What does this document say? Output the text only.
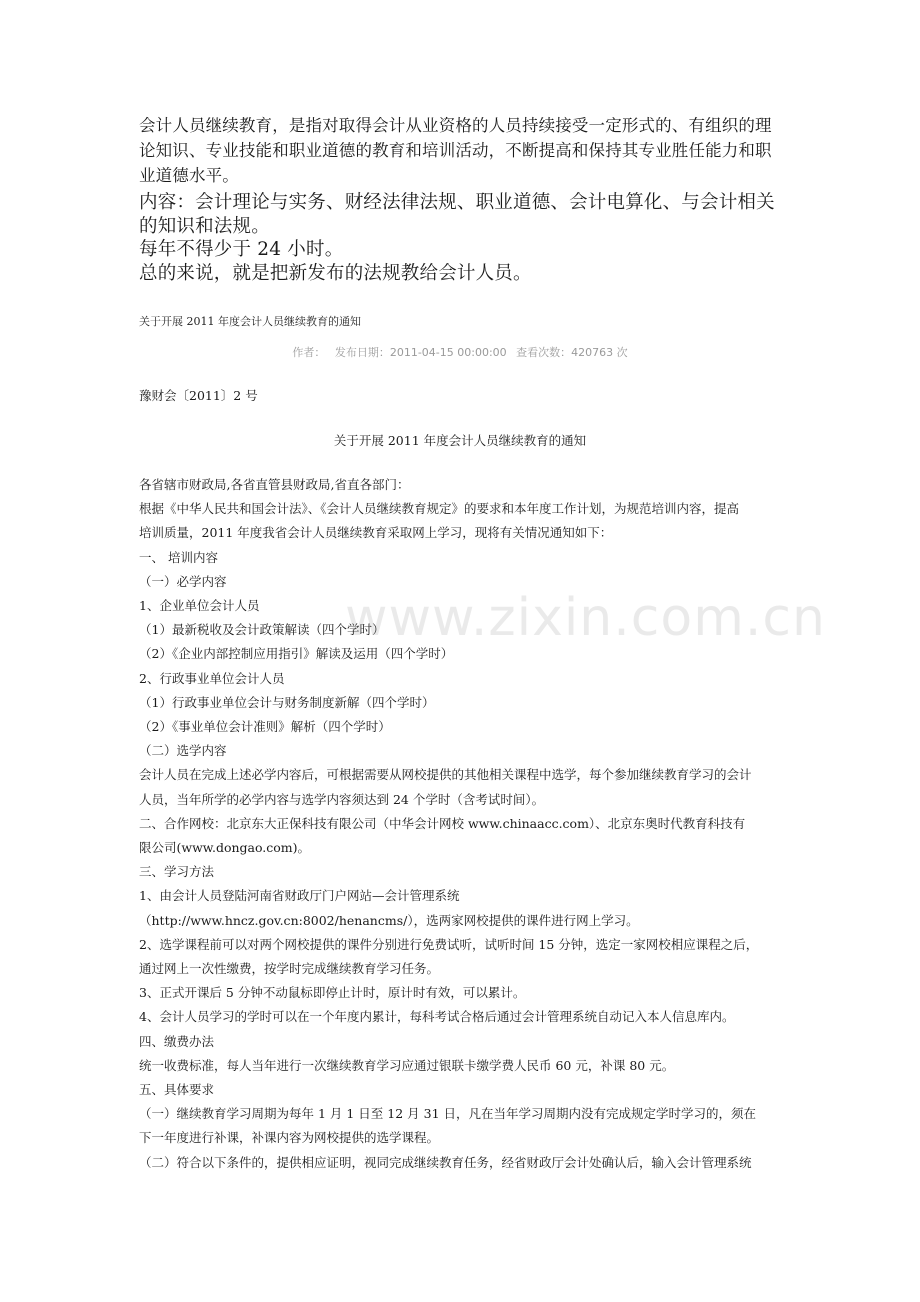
会计人员继续教育，是指对取得会计从业资格的人员持续接受一定形式的、有组织的理论知识、专业技能和职业道德的教育和培训活动，不断提高和保持其专业胜任能力和职业道德水平。

内容：会计理论与实务、财经法律法规、职业道德、会计电算化、与会计相关的知识和法规。

每年不得少于 24 小时。

总的来说，就是把新发布的法规教给会计人员。

关于开展 2011 年度会计人员继续教育的通知
作者： 发布日期：2011-04-15 00:00:00 查看次数：420763 次
豫财会〔2011〕2 号
关于开展 2011 年度会计人员继续教育的通知
各省辖市财政局,各省直管县财政局,省直各部门：
根据《中华人民共和国会计法》、《会计人员继续教育规定》的要求和本年度工作计划，为规范培训内容，提高
培训质量，2011 年度我省会计人员继续教育采取网上学习，现将有关情况通知如下：
一、 培训内容
（一）必学内容
1、企业单位会计人员
（1）最新税收及会计政策解读（四个学时）
（2）《企业内部控制应用指引》解读及运用（四个学时）
2、行政事业单位会计人员
（1）行政事业单位会计与财务制度新解（四个学时）
（2）《事业单位会计准则》解析（四个学时）
（二）选学内容
会计人员在完成上述必学内容后，可根据需要从网校提供的其他相关课程中选学，每个参加继续教育学习的会计
人员，当年所学的必学内容与选学内容须达到 24 个学时（含考试时间）。
二、合作网校：北京东大正保科技有限公司（中华会计网校 www.chinaacc.com）、北京东奥时代教育科技有
限公司(www.dongao.com)。
三、学习方法
1、由会计人员登陆河南省财政厅门户网站—会计管理系统
（http://www.hncz.gov.cn:8002/henancms/），选两家网校提供的课件进行网上学习。
2、选学课程前可以对两个网校提供的课件分别进行免费试听，试听时间 15 分钟，选定一家网校相应课程之后，
通过网上一次性缴费，按学时完成继续教育学习任务。
3、正式开课后 5 分钟不动鼠标即停止计时，原计时有效，可以累计。
4、会计人员学习的学时可以在一个年度内累计，每科考试合格后通过会计管理系统自动记入本人信息库内。
四、缴费办法
统一收费标准，每人当年进行一次继续教育学习应通过银联卡缴学费人民币 60 元，补课 80 元。
五、具体要求
（一）继续教育学习周期为每年 1 月 1 日至 12 月 31 日，凡在当年学习周期内没有完成规定学时学习的，须在
下一年度进行补课，补课内容为网校提供的选学课程。
（二）符合以下条件的，提供相应证明，视同完成继续教育任务，经省财政厅会计处确认后，输入会计管理系统
www.zixin.com.cn
